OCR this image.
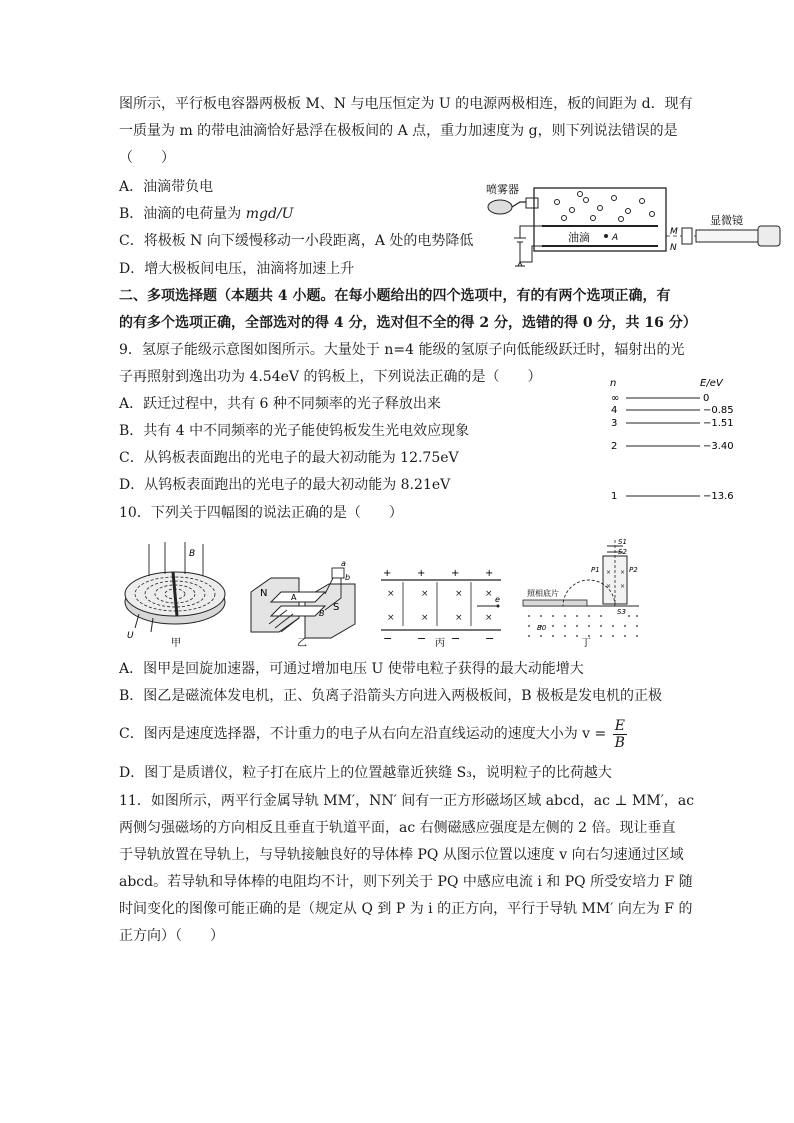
图所示，平行板电容器两极板 M、N 与电压恒定为 U 的电源两极相连，板的间距为 d．现有
一质量为 m 的带电油滴恰好悬浮在极板间的 A 点，重力加速度为 g，则下列说法错误的是
（　　）
A．油滴带负电
B．油滴的电荷量为 mgd/U
C．将极板 N 向下缓慢移动一小段距离，A 处的电势降低
D．增大极板间电压，油滴将加速上升
喷雾器
油滴 A
M
N
显微镜
二、多项选择题（本题共 4 小题。在每小题给出的四个选项中，有的有两个选项正确，有
的有多个选项正确，全部选对的得 4 分，选对但不全的得 2 分，选错的得 0 分，共 16 分）
9．氢原子能级示意图如图所示。大量处于 n=4 能级的氢原子向低能级跃迁时，辐射出的光
子再照射到逸出功为 4.54eV 的钨板上，下列说法正确的是（　　）
A．跃迁过程中，共有 6 种不同频率的光子释放出来
B．共有 4 中不同频率的光子能使钨板发生光电效应现象
C．从钨板表面跑出的光电子的最大初动能为 12.75eV
D．从钨板表面跑出的光电子的最大初动能为 8.21eV
n	E/eV
∞	0
4	−0.85
3	−1.51
2	−3.40
1	−13.6
10．下列关于四幅图的说法正确的是（　　）
B
U
甲
N
S
A
B
a
b
乙
+	+	+	+
− − − −
×	×	× ×
×	×	× ×
e
丙
照相底片
S1
S2
S3
P1	P2
× ×
× ×
B0
丁
A．图甲是回旋加速器，可通过增加电压 U 使带电粒子获得的最大动能增大
B．图乙是磁流体发电机，正、负离子沿箭头方向进入两极板间，B 极板是发电机的正极
C．图丙是速度选择器，不计重力的电子从右向左沿直线运动的速度大小为 $v = \frac{E}{B}$
D．图丁是质谱仪，粒子打在底片上的位置越靠近狭缝 S₃，说明粒子的比荷越大
11．如图所示，两平行金属导轨 MM′，NN′ 间有一正方形磁场区域 abcd，ac ⊥ MM′，ac
两侧匀强磁场的方向相反且垂直于轨道平面，ac 右侧磁感应强度是左侧的 2 倍。现让垂直
于导轨放置在导轨上，与导轨接触良好的导体棒 PQ 从图示位置以速度 v 向右匀速通过区域
abcd。若导轨和导体棒的电阻均不计，则下列关于 PQ 中感应电流 i 和 PQ 所受安培力 F 随
时间变化的图像可能正确的是（规定从 Q 到 P 为 i 的正方向，平行于导轨 MM′ 向左为 F 的
正方向）（　　）
